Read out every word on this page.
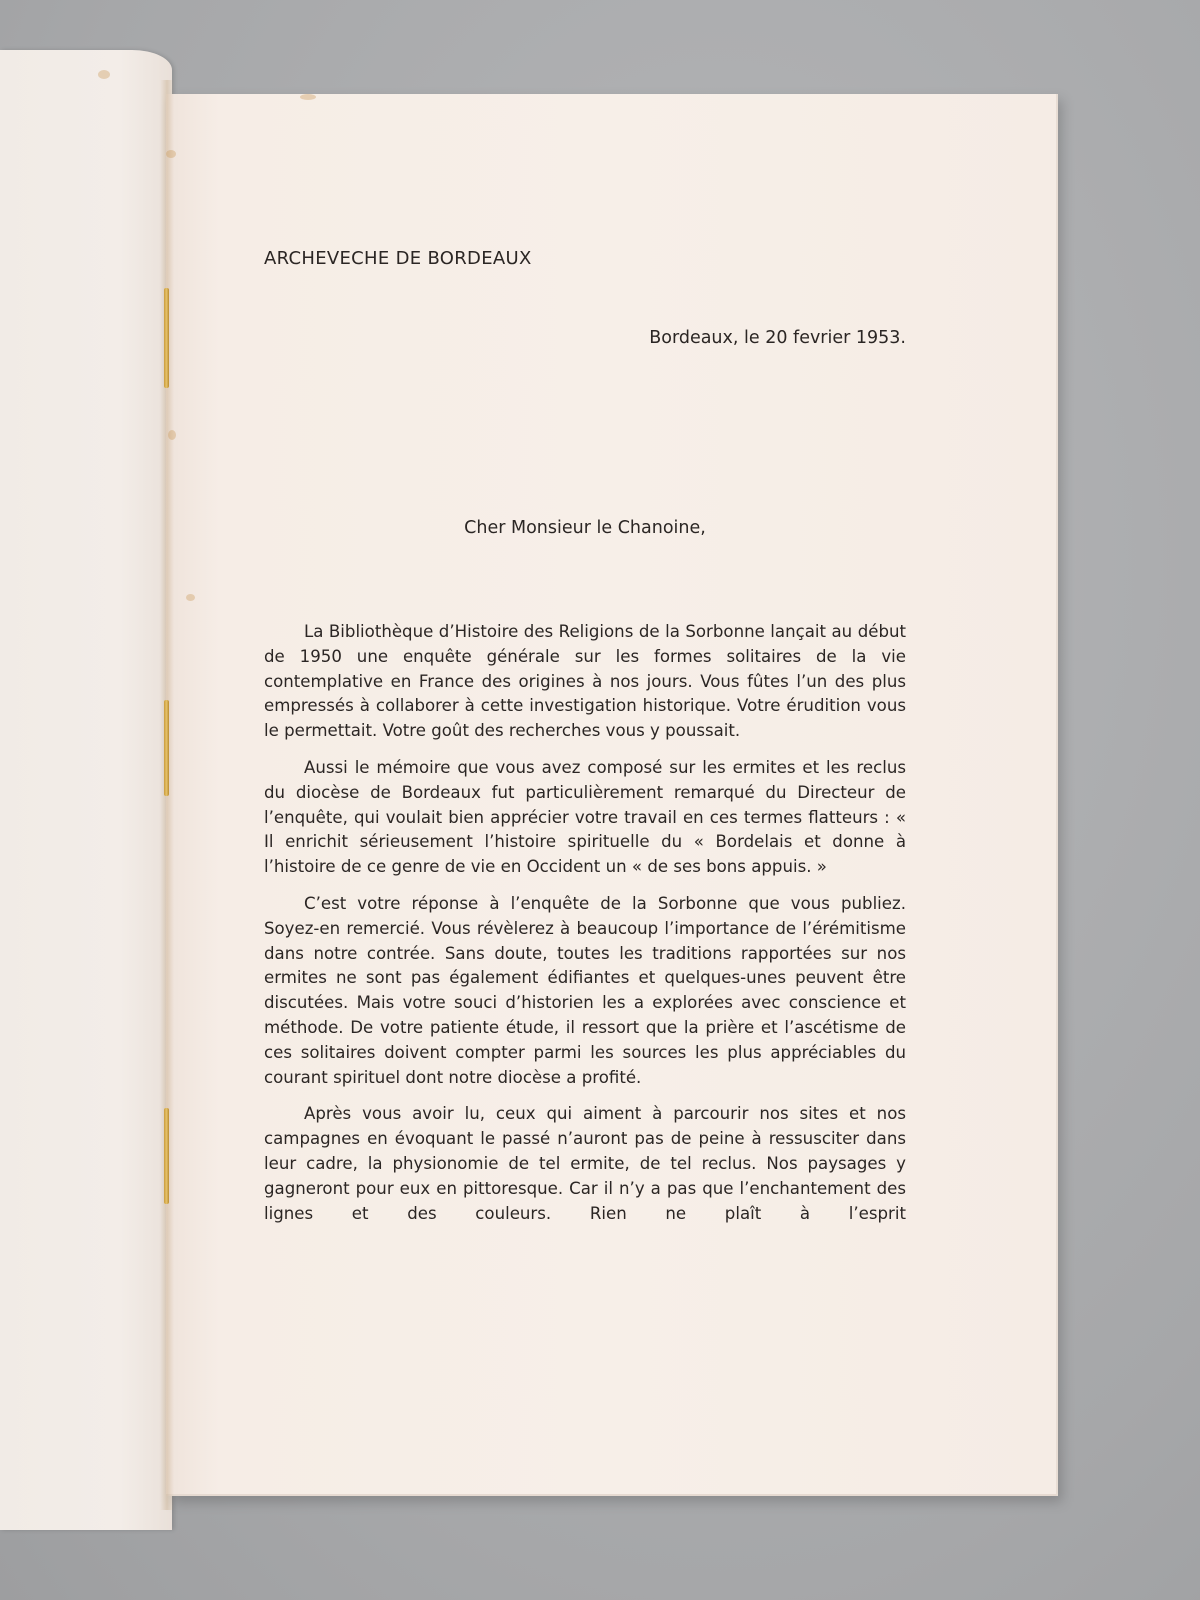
ARCHEVECHE DE BORDEAUX
Bordeaux, le 20 fevrier 1953.
Cher Monsieur le Chanoine,

La Bibliothèque d’Histoire des Religions de la Sorbonne lançait au début de 1950 une enquête générale sur les formes solitaires de la vie contemplative en France des origines à nos jours. Vous fûtes l’un des plus empressés à collaborer à cette investigation historique. Votre érudition vous le permettait. Votre goût des recherches vous y poussait.

Aussi le mémoire que vous avez composé sur les ermites et les reclus du diocèse de Bordeaux fut particulièrement remarqué du Directeur de l’enquête, qui voulait bien apprécier votre travail en ces termes flatteurs : « Il enrichit sérieusement l’histoire spirituelle du « Bordelais et donne à l’histoire de ce genre de vie en Occident un « de ses bons appuis. »

C’est votre réponse à l’enquête de la Sorbonne que vous publiez. Soyez-en remercié. Vous révèlerez à beaucoup l’importance de l’érémitisme dans notre contrée. Sans doute, toutes les traditions rapportées sur nos ermites ne sont pas également édifiantes et quelques-unes peuvent être discutées. Mais votre souci d’historien les a explorées avec conscience et méthode. De votre patiente étude, il ressort que la prière et l’ascétisme de ces solitaires doivent compter parmi les sources les plus appréciables du courant spirituel dont notre diocèse a profité.

Après vous avoir lu, ceux qui aiment à parcourir nos sites et nos campagnes en évoquant le passé n’auront pas de peine à ressusciter dans leur cadre, la physionomie de tel ermite, de tel reclus. Nos paysages y gagneront pour eux en pittoresque. Car il n’y a pas que l’enchantement des lignes et des couleurs. Rien ne plaît à l’esprit
